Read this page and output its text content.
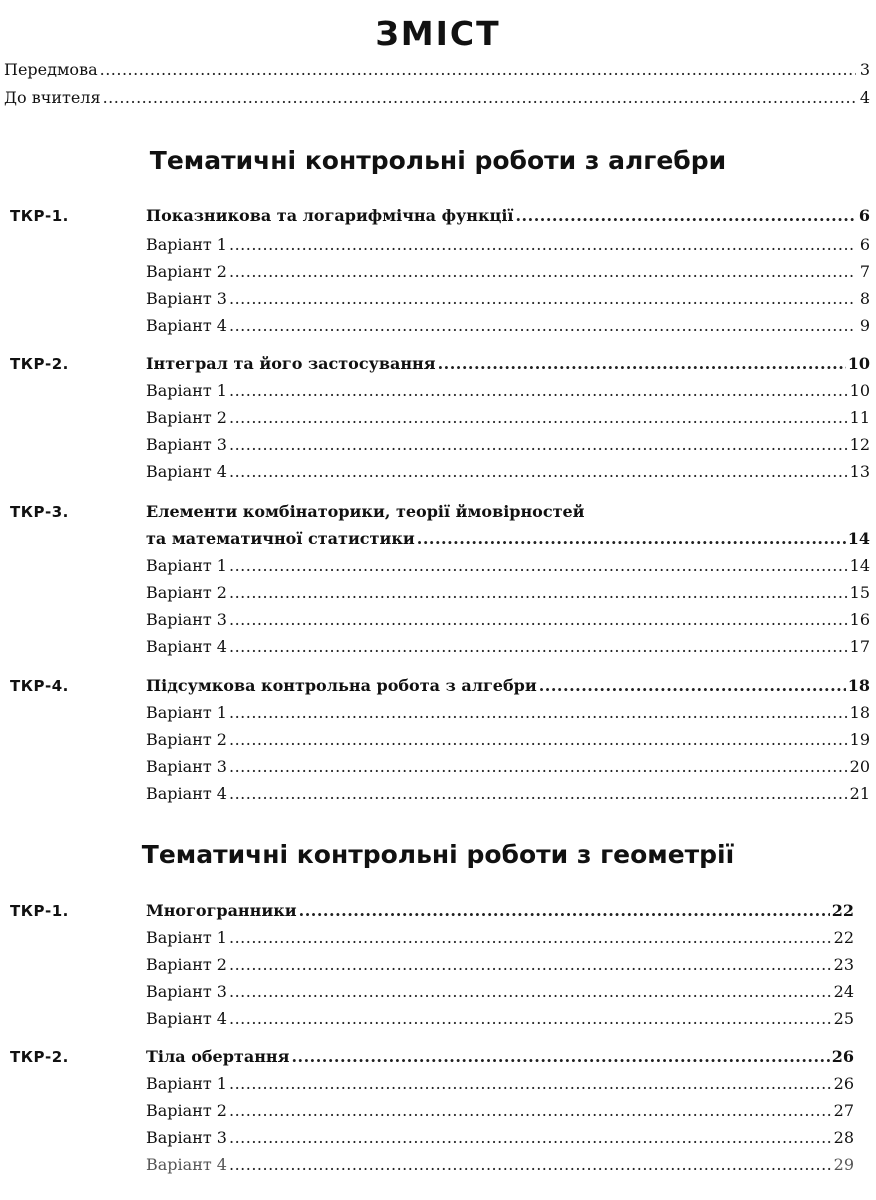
ЗМІСТ
Передмова .....	3
До вчителя .....	4
Тематичні контрольні роботи з алгебри
ТКР-1.	Показникова та логарифмічна функції .....	6
Варіант 1 .....	6
Варіант 2 .....	7
Варіант 3 .....	8
Варіант 4 .....	9
ТКР-2.	Інтеграл та його застосування .....	10
Варіант 1 .....	10
Варіант 2 .....	11
Варіант 3 .....	12
Варіант 4 .....	13
ТКР-3.	Елементи комбінаторики, теорії ймовірностей
та математичної статистики .....	14
Варіант 1 .....	14
Варіант 2 .....	15
Варіант 3 .....	16
Варіант 4 .....	17
ТКР-4.	Підсумкова контрольна робота з алгебри .....	18
Варіант 1 .....	18
Варіант 2 .....	19
Варіант 3 .....	20
Варіант 4 .....	21
Тематичні контрольні роботи з геометрії
ТКР-1.	Многогранники .....	22
Варіант 1 .....	22
Варіант 2 .....	23
Варіант 3 .....	24
Варіант 4 .....	25
ТКР-2.	Тіла обертання .....	26
Варіант 1 .....	26
Варіант 2 .....	27
Варіант 3 .....	28
Варіант 4 .....	29
